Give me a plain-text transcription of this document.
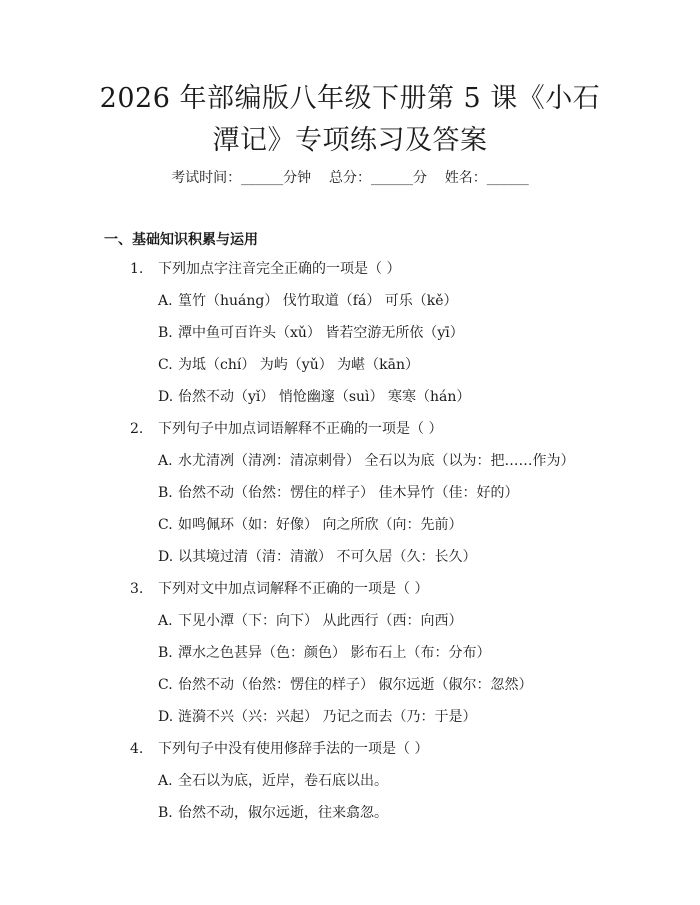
2026 年部编版八年级下册第 5 课《小石潭记》专项练习及答案
考试时间：______分钟    总分：______分    姓名：______
一、基础知识积累与运用
1. 下列加点字注音完全正确的一项是（ ）
A. 篁竹（huáng） 伐竹取道（fá） 可乐（kě）
B. 潭中鱼可百许头（xǔ） 皆若空游无所依（yī）
C. 为坻（chí） 为屿（yǔ） 为嵁（kān）
D. 佁然不动（yǐ） 悄怆幽邃（suì） 寒寒（hán）
2. 下列句子中加点词语解释不正确的一项是（ ）
A. 水尤清冽（清冽：清凉刺骨） 全石以为底（以为：把……作为）
B. 佁然不动（佁然：愣住的样子） 佳木异竹（佳：好的）
C. 如鸣佩环（如：好像） 向之所欣（向：先前）
D. 以其境过清（清：清澈） 不可久居（久：长久）
3. 下列对文中加点词解释不正确的一项是（ ）
A. 下见小潭（下：向下） 从此西行（西：向西）
B. 潭水之色甚异（色：颜色） 影布石上（布：分布）
C. 佁然不动（佁然：愣住的样子） 俶尔远逝（俶尔：忽然）
D. 涟漪不兴（兴：兴起） 乃记之而去（乃：于是）
4. 下列句子中没有使用修辞手法的一项是（ ）
A. 全石以为底，近岸，卷石底以出。
B. 佁然不动，俶尔远逝，往来翕忽。
